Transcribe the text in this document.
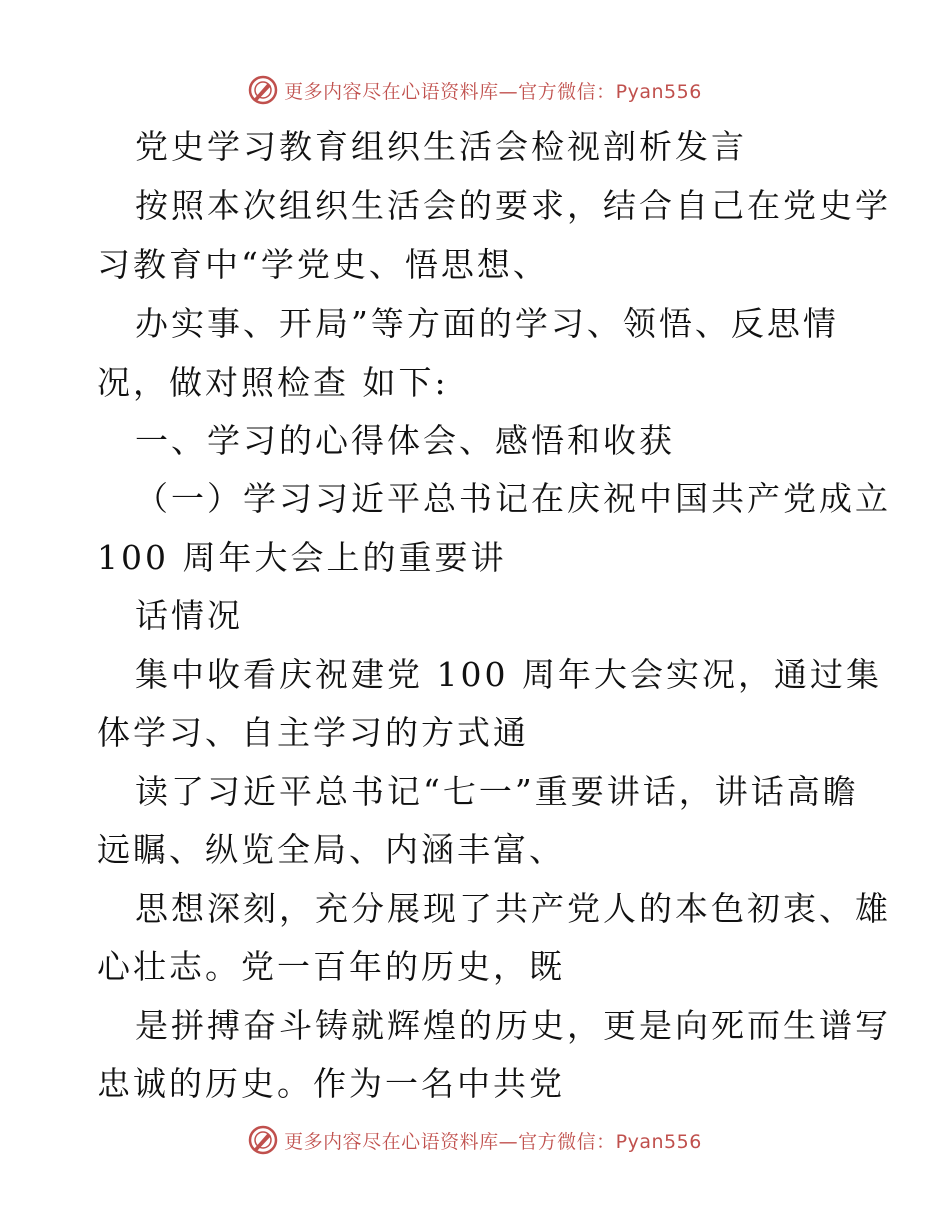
更多内容尽在心语资料库—官方微信：Pyan556
党史学习教育组织生活会检视剖析发言
按照本次组织生活会的要求，结合自己在党史学
习教育中“学党史、悟思想、
办实事、开局”等方面的学习、领悟、反思情
况，做对照检查 如下:
一、学习的心得体会、感悟和收获
（一）学习习近平总书记在庆祝中国共产党成立
100 周年大会上的重要讲
话情况
集中收看庆祝建党 100 周年大会实况，通过集
体学习、自主学习的方式通
读了习近平总书记“七一”重要讲话，讲话高瞻
远瞩、纵览全局、内涵丰富、
思想深刻，充分展现了共产党人的本色初衷、雄
心壮志。党一百年的历史，既
是拼搏奋斗铸就辉煌的历史，更是向死而生谱写
忠诚的历史。作为一名中共党
更多内容尽在心语资料库—官方微信：Pyan556
